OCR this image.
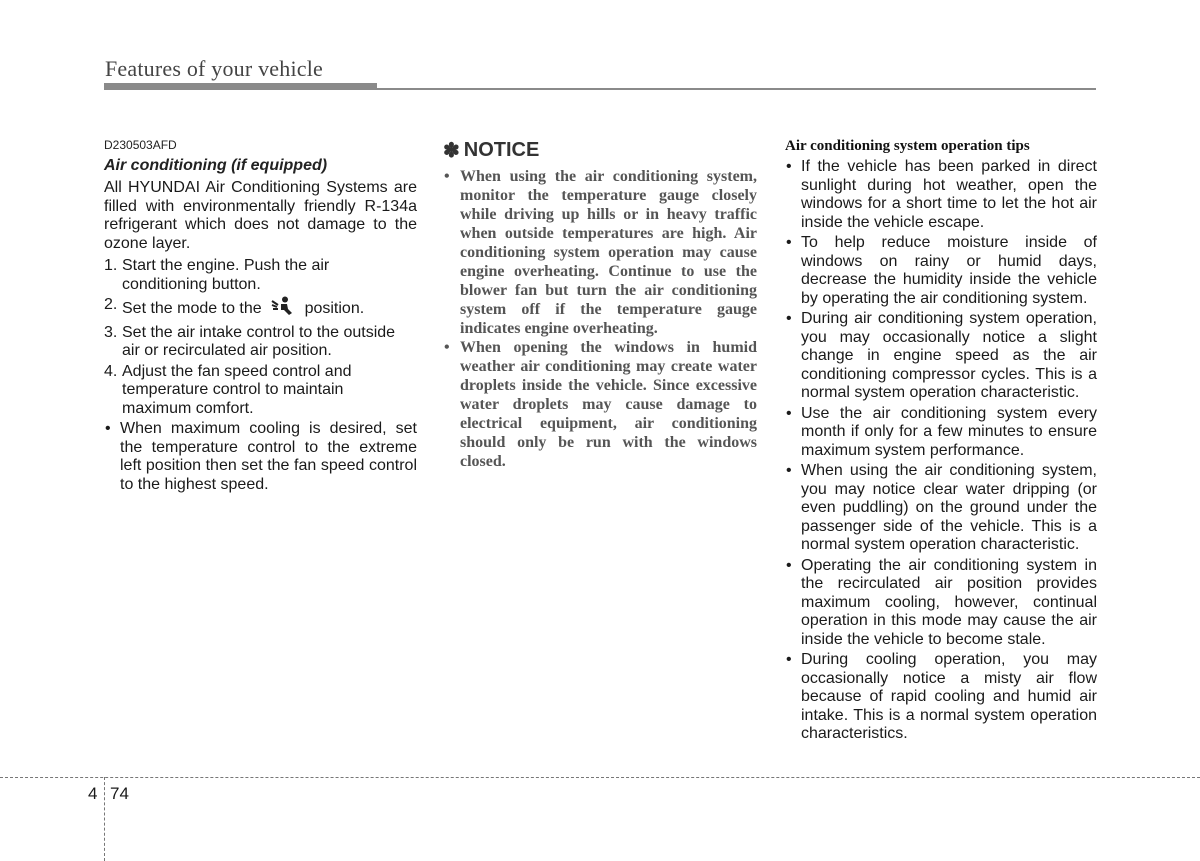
Features of your vehicle

D230503AFD

Air conditioning (if equipped)

All HYUNDAI Air Conditioning Systems are filled with environmentally friendly R-134a refrigerant which does not damage to the ozone layer.

1. Start the engine. Push the air conditioning button.
2. Set the mode to the	position.
3. Set the air intake control to the outside air or recirculated air position.
4. Adjust the fan speed control and temperature control to maintain maximum comfort.
• When maximum cooling is desired, set the temperature control to the extreme left position then set the fan speed control to the highest speed.

✽ NOTICE

• When using the air conditioning system, monitor the temperature gauge closely while driving up hills or in heavy traffic when outside temperatures are high. Air conditioning system operation may cause engine overheating. Continue to use the blower fan but turn the air conditioning system off if the temperature gauge indicates engine overheating.
• When opening the windows in humid weather air conditioning may create water droplets inside the vehicle. Since excessive water droplets may cause damage to electrical equipment, air conditioning should only be run with the windows closed.

Air conditioning system operation tips

• If the vehicle has been parked in direct sunlight during hot weather, open the windows for a short time to let the hot air inside the vehicle escape.
• To help reduce moisture inside of windows on rainy or humid days, decrease the humidity inside the vehicle by operating the air conditioning system.
• During air conditioning system operation, you may occasionally notice a slight change in engine speed as the air conditioning compressor cycles. This is a normal system operation characteristic.
• Use the air conditioning system every month if only for a few minutes to ensure maximum system performance.
• When using the air conditioning system, you may notice clear water dripping (or even puddling) on the ground under the passenger side of the vehicle. This is a normal system operation characteristic.
• Operating the air conditioning system in the recirculated air position provides maximum cooling, however, continual operation in this mode may cause the air inside the vehicle to become stale.
• During cooling operation, you may occasionally notice a misty air flow because of rapid cooling and humid air intake. This is a normal system operation characteristics.
4 74
